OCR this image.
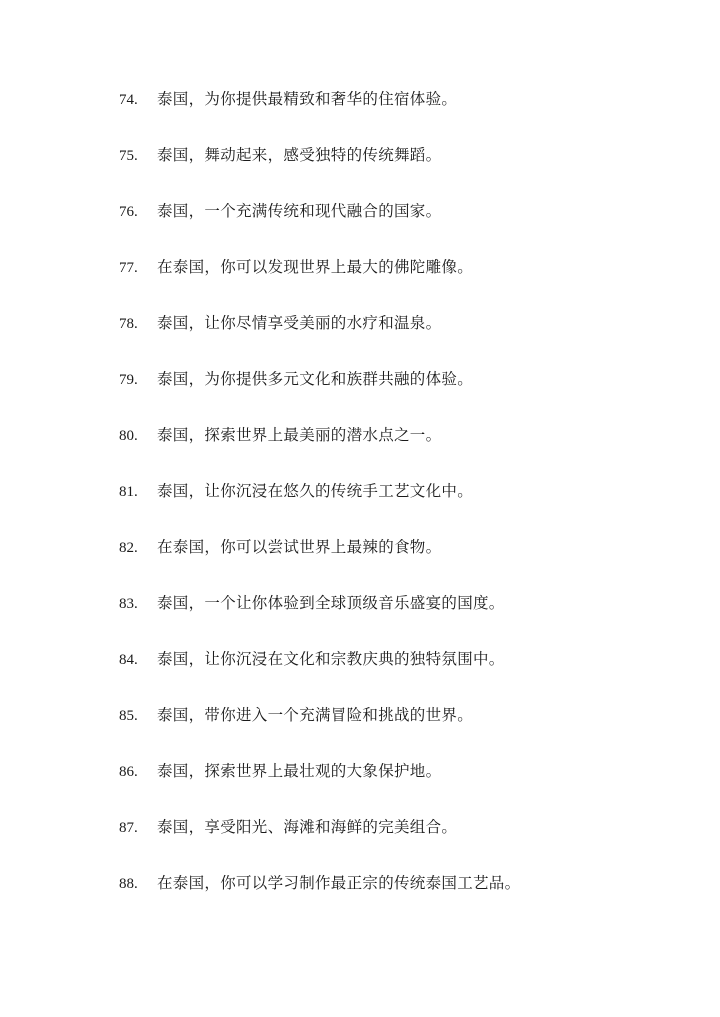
74. 泰国，为你提供最精致和奢华的住宿体验。
75. 泰国，舞动起来，感受独特的传统舞蹈。
76. 泰国，一个充满传统和现代融合的国家。
77. 在泰国，你可以发现世界上最大的佛陀雕像。
78. 泰国，让你尽情享受美丽的水疗和温泉。
79. 泰国，为你提供多元文化和族群共融的体验。
80. 泰国，探索世界上最美丽的潜水点之一。
81. 泰国，让你沉浸在悠久的传统手工艺文化中。
82. 在泰国，你可以尝试世界上最辣的食物。
83. 泰国，一个让你体验到全球顶级音乐盛宴的国度。
84. 泰国，让你沉浸在文化和宗教庆典的独特氛围中。
85. 泰国，带你进入一个充满冒险和挑战的世界。
86. 泰国，探索世界上最壮观的大象保护地。
87. 泰国，享受阳光、海滩和海鲜的完美组合。
88. 在泰国，你可以学习制作最正宗的传统泰国工艺品。
